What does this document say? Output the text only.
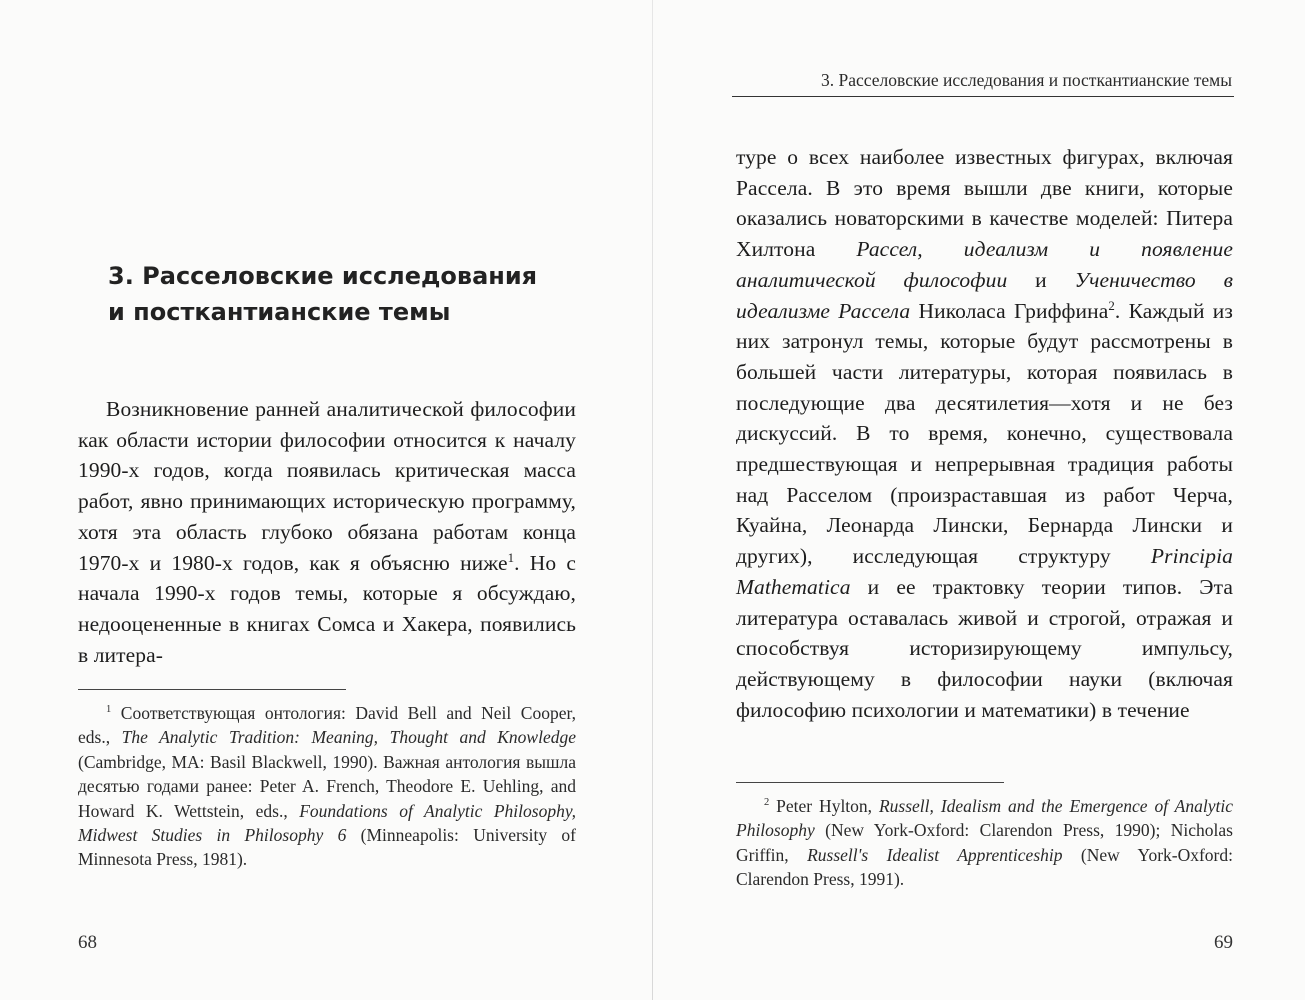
3. Расселовские исследования
и посткантианские темы

Возникновение ранней аналитической философии как области истории философии относится к началу 1990-х годов, когда появилась критическая масса работ, явно принимающих историческую программу, хотя эта область глубоко обязана работам конца 1970-х и 1980-х годов, как я объясню ниже$^1$. Но с начала 1990-х годов темы, которые я обсуждаю, недооцененные в книгах Сомса и Хакера, появились в литера-

$^1$ Соответствующая онтология: David Bell and Neil Cooper, eds., The Analytic Tradition: Meaning, Thought and Knowledge (Cambridge, MA: Basil Blackwell, 1990). Важная антология вышла десятью годами ранее: Peter A. French, Theodore E. Uehling, and Howard K. Wettstein, eds., Foundations of Analytic Philosophy, Midwest Studies in Philosophy 6 (Minneapolis: University of Minnesota Press, 1981).

68

3. Расселовские исследования и посткантианские темы

туре о всех наиболее известных фигурах, включая Рассела. В это время вышли две книги, которые оказались новаторскими в качестве моделей: Питера Хилтона Рассел, идеализм и появление аналитической философии и Ученичество в идеализме Рассела Николаса Гриффина$^2$. Каждый из них затронул темы, которые будут рассмотрены в большей части литературы, которая появилась в последующие два десятилетия—хотя и не без дискуссий. В то время, конечно, существовала предшествующая и непрерывная традиция работы над Расселом (произраставшая из работ Черча, Куайна, Леонарда Лински, Бернарда Лински и других), исследующая структуру Principia Mathematica и ее трактовку теории типов. Эта литература оставалась живой и строгой, отражая и способствуя историзирующему импульсу, действующему в философии науки (включая философию психологии и математики) в течение

$^2$ Peter Hylton, Russell, Idealism and the Emergence of Analytic Philosophy (New York-Oxford: Clarendon Press, 1990); Nicholas Griffin, Russell's Idealist Apprenticeship (New York-Oxford: Clarendon Press, 1991).

69
